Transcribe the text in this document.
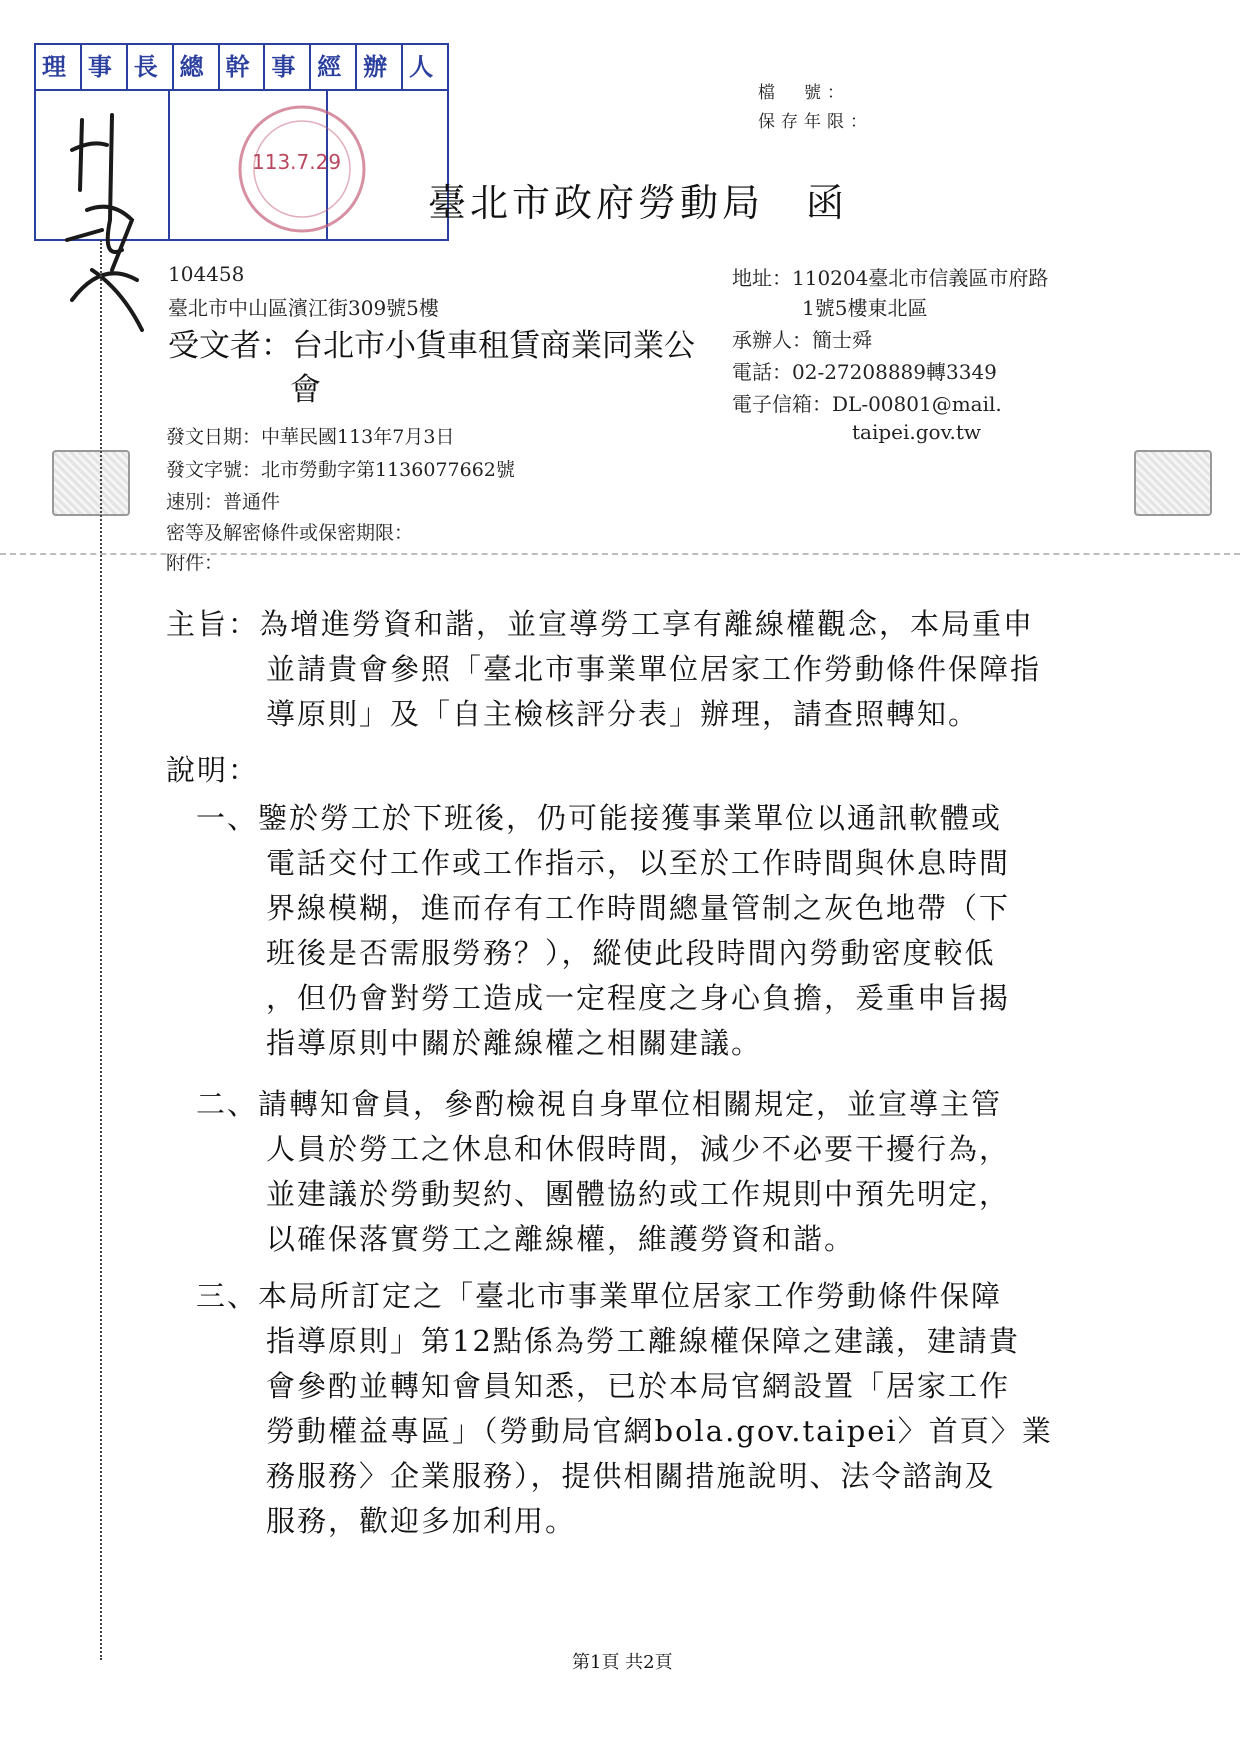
理 事 長 總 幹 事 經 辦 人
113.7.29
檔　號：
保存年限：
臺北市政府勞動局　函
104458
臺北市中山區濱江街309號5樓
地址：110204臺北市信義區市府路
1號5樓東北區
承辦人：簡士舜
電話：02-27208889轉3349
電子信箱：DL-00801@mail.
taipei.gov.tw
受文者：台北市小貨車租賃商業同業公
會
發文日期：中華民國113年7月3日
發文字號：北市勞動字第1136077662號
速別：普通件
密等及解密條件或保密期限：
附件：
主旨：為增進勞資和諧，並宣導勞工享有離線權觀念，本局重申
並請貴會參照「臺北市事業單位居家工作勞動條件保障指
導原則」及「自主檢核評分表」辦理，請查照轉知。
說明：
一、鑒於勞工於下班後，仍可能接獲事業單位以通訊軟體或
電話交付工作或工作指示，以至於工作時間與休息時間
界線模糊，進而存有工作時間總量管制之灰色地帶（下
班後是否需服勞務？），縱使此段時間內勞動密度較低
，但仍會對勞工造成一定程度之身心負擔，爰重申旨揭
指導原則中關於離線權之相關建議。
二、請轉知會員，參酌檢視自身單位相關規定，並宣導主管
人員於勞工之休息和休假時間，減少不必要干擾行為，
並建議於勞動契約、團體協約或工作規則中預先明定，
以確保落實勞工之離線權，維護勞資和諧。
三、本局所訂定之「臺北市事業單位居家工作勞動條件保障
指導原則」第12點係為勞工離線權保障之建議，建請貴
會參酌並轉知會員知悉，已於本局官網設置「居家工作
勞動權益專區」（勞動局官網bola.gov.taipei〉首頁〉業
務服務〉企業服務），提供相關措施說明、法令諮詢及
服務，歡迎多加利用。
第1頁 共2頁
